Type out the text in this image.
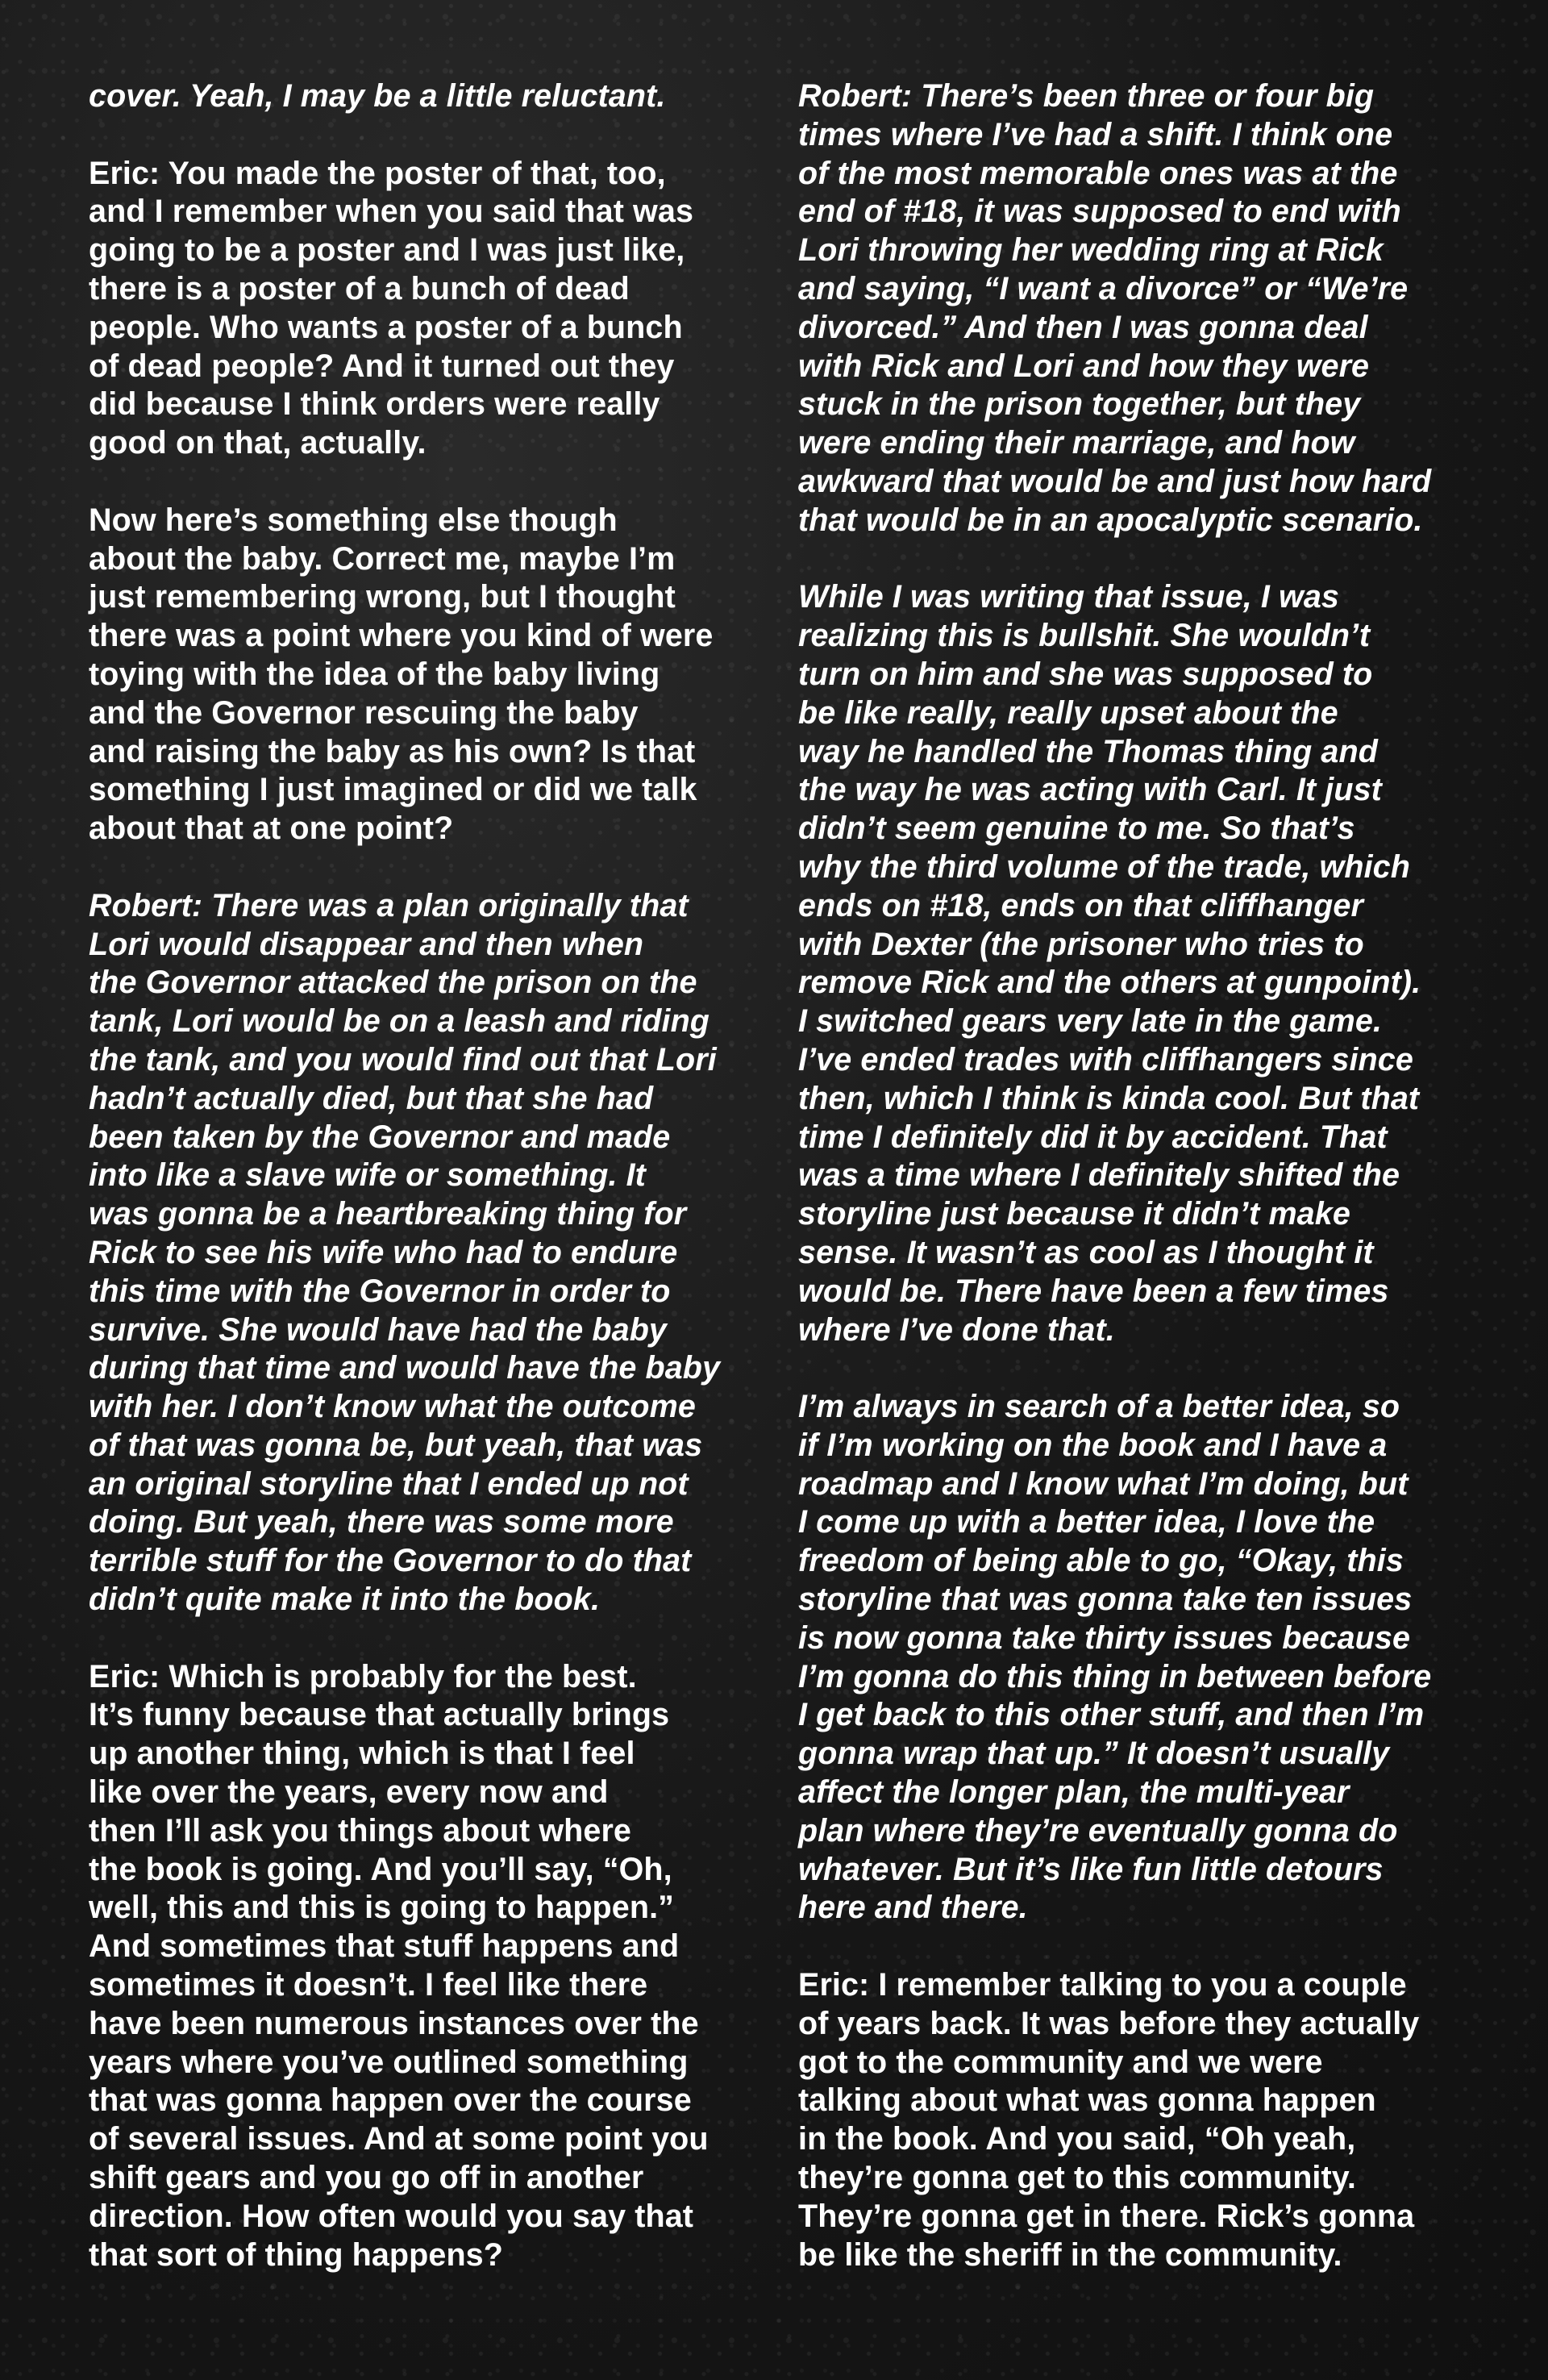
cover. Yeah, I may be a little reluctant.
Eric: You made the poster of that, too,
and I remember when you said that was
going to be a poster and I was just like,
there is a poster of a bunch of dead
people. Who wants a poster of a bunch
of dead people? And it turned out they
did because I think orders were really
good on that, actually.
Now here’s something else though
about the baby. Correct me, maybe I’m
just remembering wrong, but I thought
there was a point where you kind of were
toying with the idea of the baby living
and the Governor rescuing the baby
and raising the baby as his own? Is that
something I just imagined or did we talk
about that at one point?
Robert: There was a plan originally that
Lori would disappear and then when
the Governor attacked the prison on the
tank, Lori would be on a leash and riding
the tank, and you would find out that Lori
hadn’t actually died, but that she had
been taken by the Governor and made
into like a slave wife or something. It
was gonna be a heartbreaking thing for
Rick to see his wife who had to endure
this time with the Governor in order to
survive. She would have had the baby
during that time and would have the baby
with her. I don’t know what the outcome
of that was gonna be, but yeah, that was
an original storyline that I ended up not
doing. But yeah, there was some more
terrible stuff for the Governor to do that
didn’t quite make it into the book.
Eric: Which is probably for the best.
It’s funny because that actually brings
up another thing, which is that I feel
like over the years, every now and
then I’ll ask you things about where
the book is going. And you’ll say, “Oh,
well, this and this is going to happen.”
And sometimes that stuff happens and
sometimes it doesn’t. I feel like there
have been numerous instances over the
years where you’ve outlined something
that was gonna happen over the course
of several issues. And at some point you
shift gears and you go off in another
direction. How often would you say that
that sort of thing happens?
Robert: There’s been three or four big
times where I’ve had a shift. I think one
of the most memorable ones was at the
end of #18, it was supposed to end with
Lori throwing her wedding ring at Rick
and saying, “I want a divorce” or “We’re
divorced.” And then I was gonna deal
with Rick and Lori and how they were
stuck in the prison together, but they
were ending their marriage, and how
awkward that would be and just how hard
that would be in an apocalyptic scenario.
While I was writing that issue, I was
realizing this is bullshit. She wouldn’t
turn on him and she was supposed to
be like really, really upset about the
way he handled the Thomas thing and
the way he was acting with Carl. It just
didn’t seem genuine to me. So that’s
why the third volume of the trade, which
ends on #18, ends on that cliffhanger
with Dexter (the prisoner who tries to
remove Rick and the others at gunpoint).
I switched gears very late in the game.
I’ve ended trades with cliffhangers since
then, which I think is kinda cool. But that
time I definitely did it by accident. That
was a time where I definitely shifted the
storyline just because it didn’t make
sense. It wasn’t as cool as I thought it
would be. There have been a few times
where I’ve done that.
I’m always in search of a better idea, so
if I’m working on the book and I have a
roadmap and I know what I’m doing, but
I come up with a better idea, I love the
freedom of being able to go, “Okay, this
storyline that was gonna take ten issues
is now gonna take thirty issues because
I’m gonna do this thing in between before
I get back to this other stuff, and then I’m
gonna wrap that up.” It doesn’t usually
affect the longer plan, the multi-year
plan where they’re eventually gonna do
whatever. But it’s like fun little detours
here and there.
Eric: I remember talking to you a couple
of years back. It was before they actually
got to the community and we were
talking about what was gonna happen
in the book. And you said, “Oh yeah,
they’re gonna get to this community.
They’re gonna get in there. Rick’s gonna
be like the sheriff in the community.
